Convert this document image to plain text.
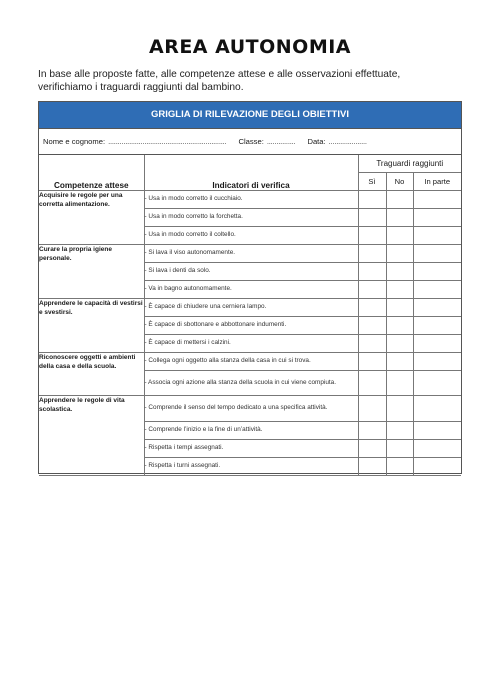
AREA AUTONOMIA
In base alle proposte fatte, alle competenze attese e alle osservazioni effettuate,
verifichiamo i traguardi raggiunti dal bambino.
GRIGLIA DI RILEVAZIONE DEGLI OBIETTIVI
Nome e cognome: .............................................................. Classe: ............... Data: ....................
Competenze attese	Indicatori di verifica	Traguardi raggiunti		
		Sì	No	In parte
Acquisire le regole per una corretta alimentazione.	- Usa in modo corretto il cucchiaio.			
	- Usa in modo corretto la forchetta.			
	- Usa in modo corretto il coltello.			
Curare la propria igiene personale.	- Si lava il viso autonomamente.			
	- Si lava i denti da solo.			
	- Va in bagno autonomamente.			
Apprendere le capacità di vestirsi e svestirsi.	- È capace di chiudere una cerniera lampo.			
	- È capace di sbottonare e abbottonare indumenti.			
	- È capace di mettersi i calzini.			
Riconoscere oggetti e ambienti della casa e della scuola.	- Collega ogni oggetto alla stanza della casa in cui si trova.			
	- Associa ogni azione alla stanza della scuola in cui viene compiuta.			
Apprendere le regole di vita scolastica.	- Comprende il senso del tempo dedicato a una specifica attività.			
	- Comprende l’inizio e la fine di un’attività.			
	- Rispetta i tempi assegnati.			
	- Rispetta i turni assegnati.			
